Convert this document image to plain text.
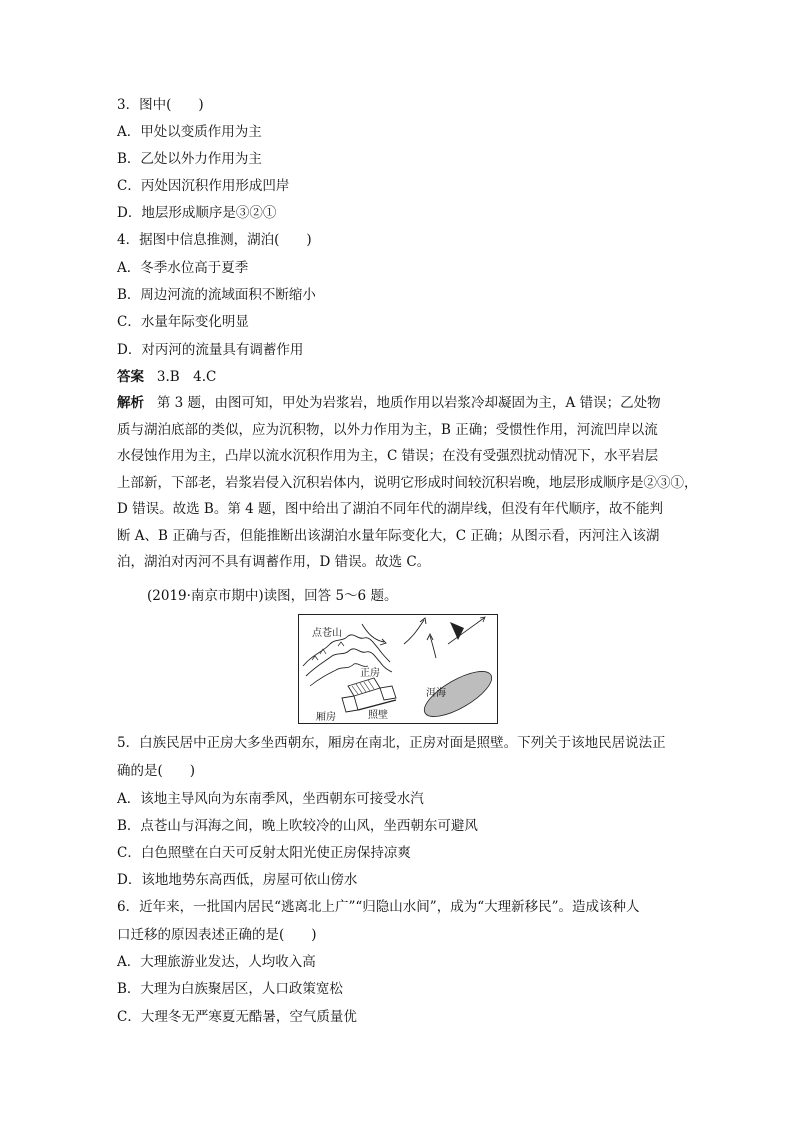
3．图中(　　)
A．甲处以变质作用为主
B．乙处以外力作用为主
C．丙处因沉积作用形成凹岸
D．地层形成顺序是③②①
4．据图中信息推测，湖泊(　　)
A．冬季水位高于夏季
B．周边河流的流域面积不断缩小
C．水量年际变化明显
D．对丙河的流量具有调蓄作用
答案 3.B　4.C
解析 第 3 题，由图可知，甲处为岩浆岩，地质作用以岩浆冷却凝固为主，A 错误；乙处物
质与湖泊底部的类似，应为沉积物，以外力作用为主，B 正确；受惯性作用，河流凹岸以流
水侵蚀作用为主，凸岸以流水沉积作用为主，C 错误；在没有受强烈扰动情况下，水平岩层
上部新，下部老，岩浆岩侵入沉积岩体内，说明它形成时间较沉积岩晚，地层形成顺序是②③①，
D 错误。故选 B。第 4 题，图中给出了湖泊不同年代的湖岸线，但没有年代顺序，故不能判
断 A、B 正确与否，但能推断出该湖泊水量年际变化大，C 正确；从图示看，丙河注入该湖
泊，湖泊对丙河不具有调蓄作用，D 错误。故选 C。
(2019·南京市期中)读图，回答 5～6 题。
点苍山
正房
洱海
厢房	照壁
5．白族民居中正房大多坐西朝东，厢房在南北，正房对面是照壁。下列关于该地民居说法正
确的是(　　)
A．该地主导风向为东南季风，坐西朝东可接受水汽
B．点苍山与洱海之间，晚上吹较冷的山风，坐西朝东可避风
C．白色照壁在白天可反射太阳光使正房保持凉爽
D．该地地势东高西低，房屋可依山傍水
6．近年来，一批国内居民“逃离北上广”“归隐山水间”，成为“大理新移民”。造成该种人
口迁移的原因表述正确的是(　　)
A．大理旅游业发达，人均收入高
B．大理为白族聚居区，人口政策宽松
C．大理冬无严寒夏无酷暑，空气质量优
